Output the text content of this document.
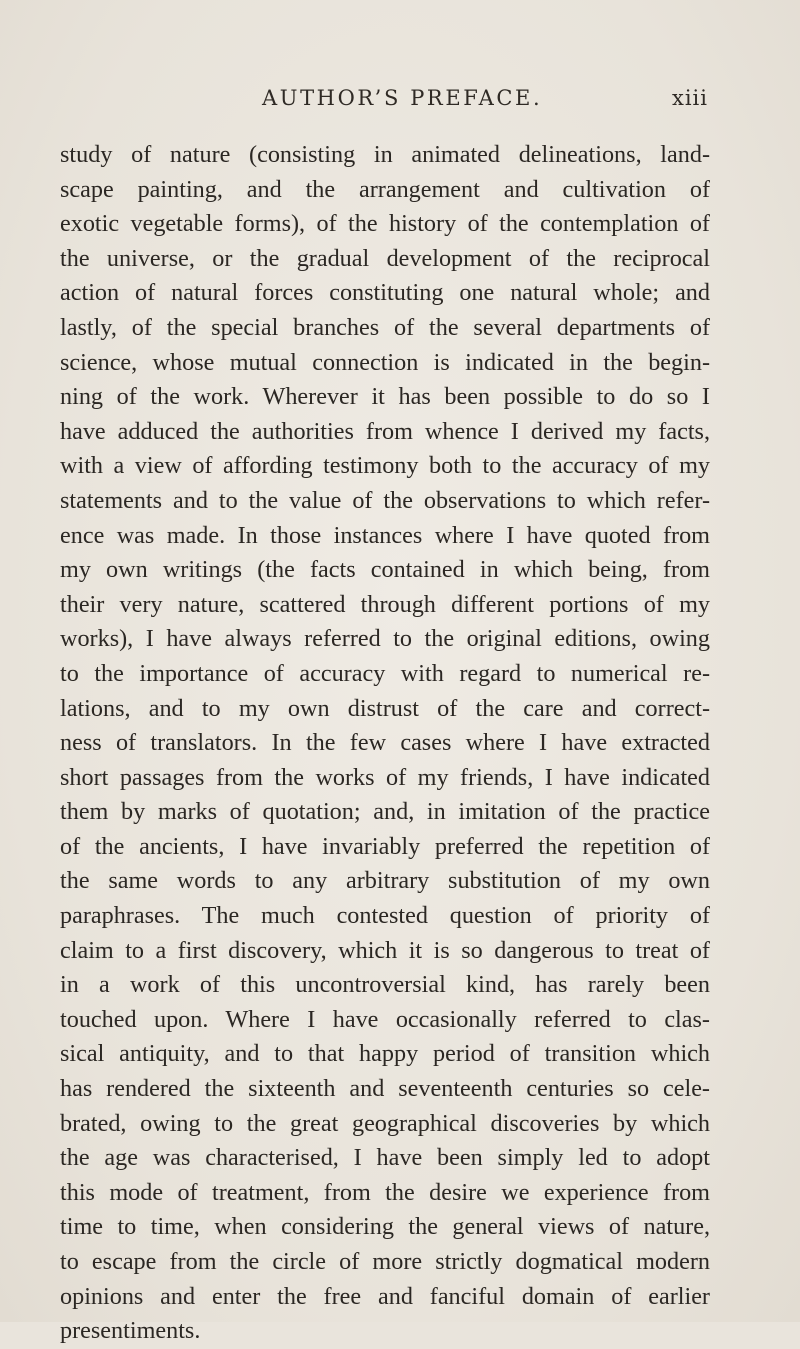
AUTHOR’S PREFACE.	xiii
study of nature (consisting in animated delineations, land-
scape painting, and the arrangement and cultivation of
exotic vegetable forms), of the history of the contemplation of
the universe, or the gradual development of the reciprocal
action of natural forces constituting one natural whole; and
lastly, of the special branches of the several departments of
science, whose mutual connection is indicated in the begin-
ning of the work. Wherever it has been possible to do so I
have adduced the authorities from whence I derived my facts,
with a view of affording testimony both to the accuracy of my
statements and to the value of the observations to which refer-
ence was made. In those instances where I have quoted from
my own writings (the facts contained in which being, from
their very nature, scattered through different portions of my
works), I have always referred to the original editions, owing
to the importance of accuracy with regard to numerical re-
lations, and to my own distrust of the care and correct-
ness of translators. In the few cases where I have extracted
short passages from the works of my friends, I have indicated
them by marks of quotation; and, in imitation of the practice
of the ancients, I have invariably preferred the repetition of
the same words to any arbitrary substitution of my own
paraphrases. The much contested question of priority of
claim to a first discovery, which it is so dangerous to treat of
in a work of this uncontroversial kind, has rarely been
touched upon. Where I have occasionally referred to clas-
sical antiquity, and to that happy period of transition which
has rendered the sixteenth and seventeenth centuries so cele-
brated, owing to the great geographical discoveries by which
the age was characterised, I have been simply led to adopt
this mode of treatment, from the desire we experience from
time to time, when considering the general views of nature,
to escape from the circle of more strictly dogmatical modern
opinions and enter the free and fanciful domain of earlier
presentiments.
